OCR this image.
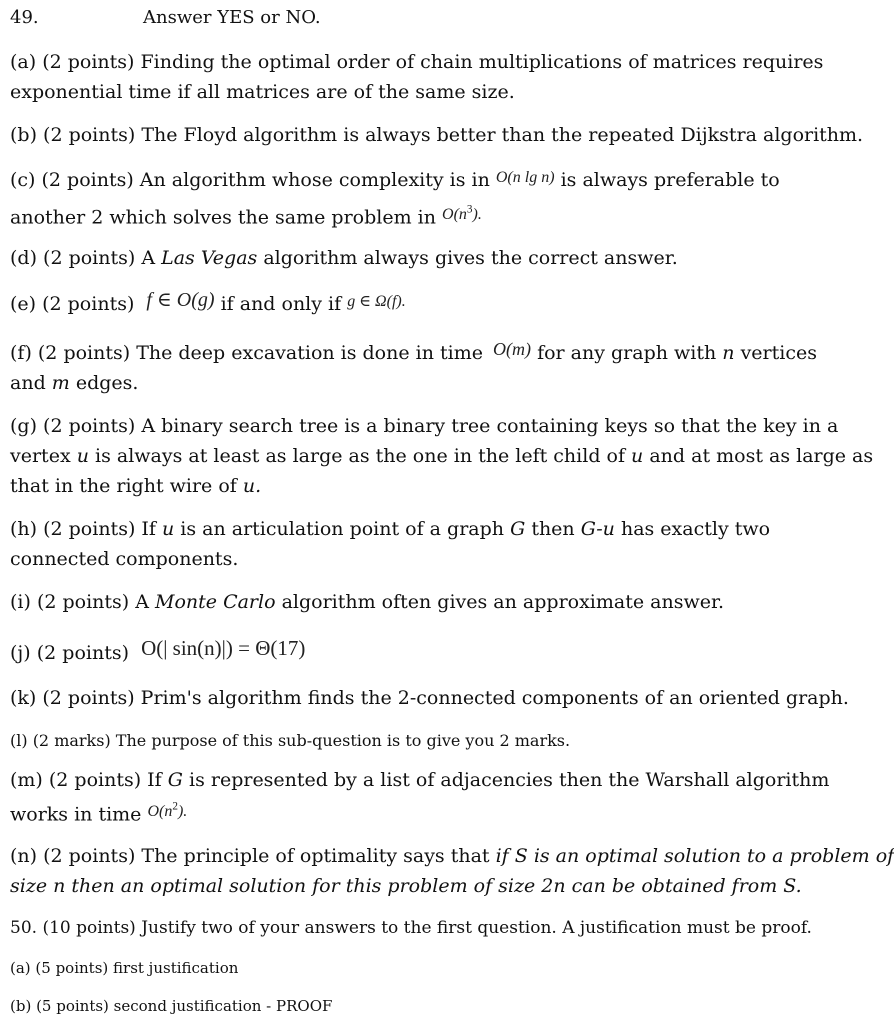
49.	Answer YES or NO.
(a) (2 points) Finding the optimal order of chain multiplications of matrices requires
exponential time if all matrices are of the same size.
(b) (2 points) The Floyd algorithm is always better than the repeated Dijkstra algorithm.
(c) (2 points) An algorithm whose complexity is in $^{O(n lg n)}$ is always preferable to
another 2 which solves the same problem in $^{O(n^3).}$
(d) (2 points) A Las Vegas algorithm always gives the correct answer.
(e) (2 points) f ∈ O(g) if and only if $^{g \in \Omega(f).}$
(f) (2 points) The deep excavation is done in time O(m) for any graph with n vertices
and m edges.
(g) (2 points) A binary search tree is a binary tree containing keys so that the key in a
vertex u is always at least as large as the one in the left child of u and at most as large as
that in the right wire of u.
(h) (2 points) If u is an articulation point of a graph G then G-u has exactly two
connected components.
(i) (2 points) A Monte Carlo algorithm often gives an approximate answer.
(j) (2 points) O(| sin(n)|) = Θ(17)
(k) (2 points) Prim's algorithm finds the 2-connected components of an oriented graph.
(l) (2 marks) The purpose of this sub-question is to give you 2 marks.
(m) (2 points) If G is represented by a list of adjacencies then the Warshall algorithm
works in time $^{O(n^2).}$
(n) (2 points) The principle of optimality says that if S is an optimal solution to a problem of
size n then an optimal solution for this problem of size 2n can be obtained from S.
50. (10 points) Justify two of your answers to the first question. A justification must be proof.
(a) (5 points) first justification
(b) (5 points) second justification - PROOF
